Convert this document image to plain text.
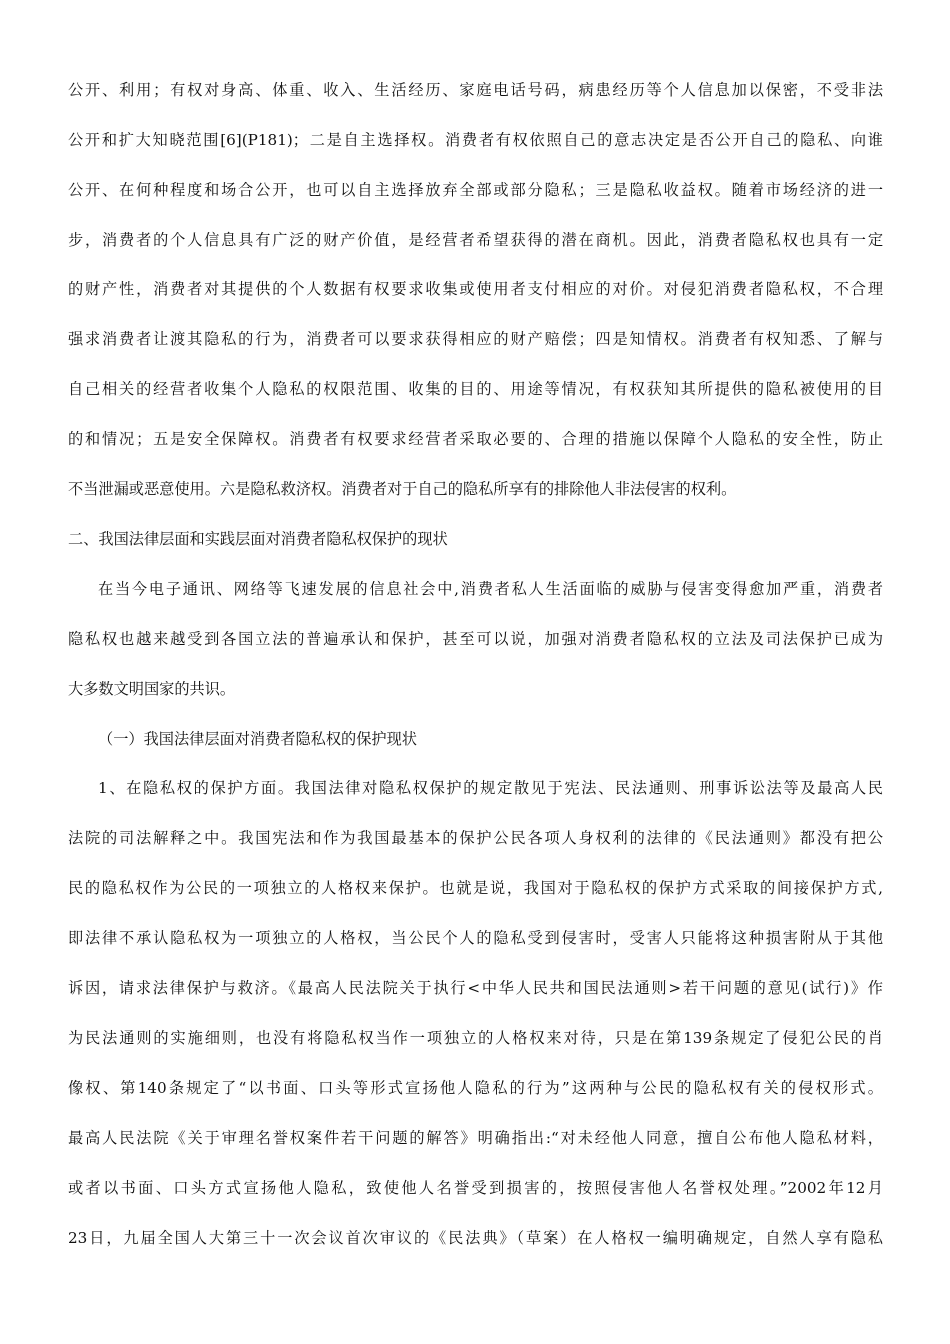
公开、利用；有权对身高、体重、收入、生活经历、家庭电话号码，病患经历等个人信息加以保密，不受非法
公开和扩大知晓范围[6](P181)；二是自主选择权。消费者有权依照自己的意志决定是否公开自己的隐私、向谁
公开、在何种程度和场合公开，也可以自主选择放弃全部或部分隐私；三是隐私收益权。随着市场经济的进一
步，消费者的个人信息具有广泛的财产价值，是经营者希望获得的潜在商机。因此，消费者隐私权也具有一定
的财产性，消费者对其提供的个人数据有权要求收集或使用者支付相应的对价。对侵犯消费者隐私权，不合理
强求消费者让渡其隐私的行为，消费者可以要求获得相应的财产赔偿；四是知情权。消费者有权知悉、了解与
自己相关的经营者收集个人隐私的权限范围、收集的目的、用途等情况，有权获知其所提供的隐私被使用的目
的和情况；五是安全保障权。消费者有权要求经营者采取必要的、合理的措施以保障个人隐私的安全性，防止
不当泄漏或恶意使用。六是隐私救济权。消费者对于自己的隐私所享有的排除他人非法侵害的权利。
二、我国法律层面和实践层面对消费者隐私权保护的现状
在当今电子通讯、网络等飞速发展的信息社会中,消费者私人生活面临的威胁与侵害变得愈加严重，消费者
隐私权也越来越受到各国立法的普遍承认和保护，甚至可以说，加强对消费者隐私权的立法及司法保护已成为
大多数文明国家的共识。
（一）我国法律层面对消费者隐私权的保护现状
1、在隐私权的保护方面。我国法律对隐私权保护的规定散见于宪法、民法通则、刑事诉讼法等及最高人民
法院的司法解释之中。我国宪法和作为我国最基本的保护公民各项人身权利的法律的《民法通则》都没有把公
民的隐私权作为公民的一项独立的人格权来保护。也就是说，我国对于隐私权的保护方式采取的间接保护方式,
即法律不承认隐私权为一项独立的人格权，当公民个人的隐私受到侵害时，受害人只能将这种损害附从于其他
诉因，请求法律保护与救济。《最高人民法院关于执行<中华人民共和国民法通则>若干问题的意见(试行)》作
为民法通则的实施细则，也没有将隐私权当作一项独立的人格权来对待，只是在第139条规定了侵犯公民的肖
像权、第140条规定了“以书面、口头等形式宣扬他人隐私的行为”这两种与公民的隐私权有关的侵权形式。
最高人民法院《关于审理名誉权案件若干问题的解答》明确指出:“对未经他人同意，擅自公布他人隐私材料，
或者以书面、口头方式宣扬他人隐私，致使他人名誉受到损害的，按照侵害他人名誉权处理。”2002年12月
23日，九届全国人大第三十一次会议首次审议的《民法典》（草案）在人格权一编明确规定，自然人享有隐私
